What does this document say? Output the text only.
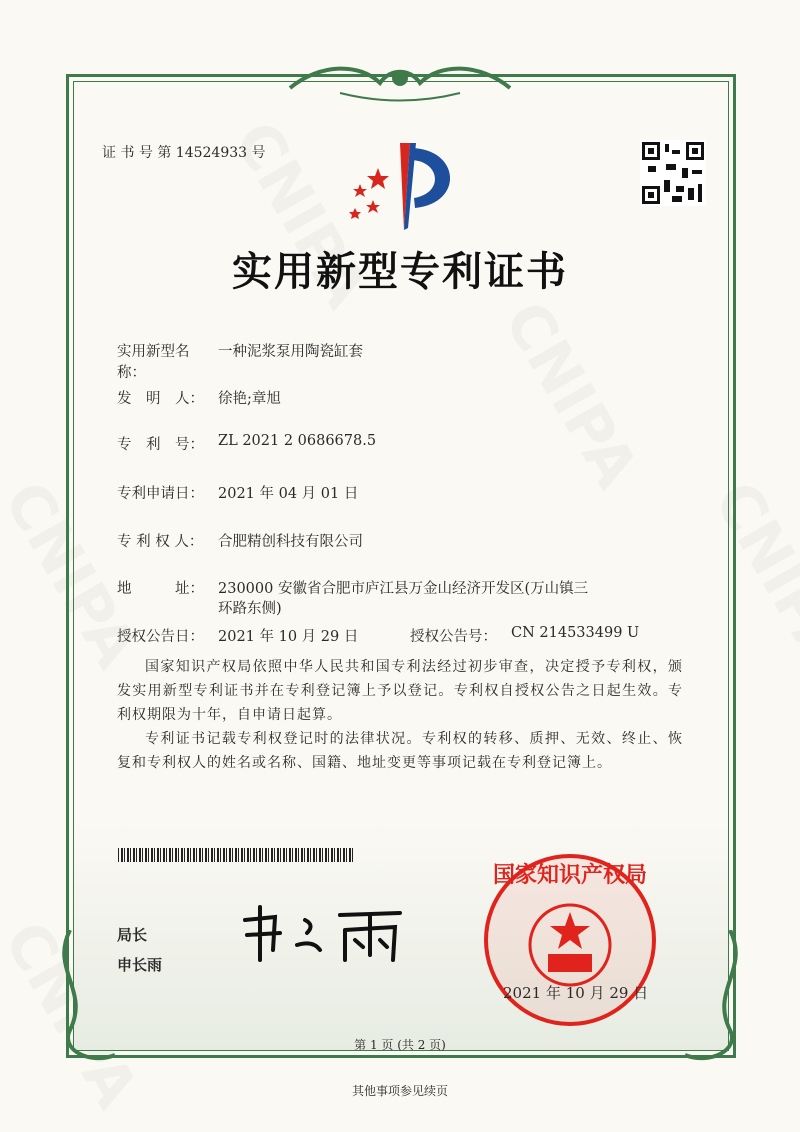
证 书 号 第 14524933 号
实用新型专利证书
实用新型名称：
一种泥浆泵用陶瓷缸套
发　明　人： 徐艳;章旭
专　利　号： ZL 2021 2 0686678.5
专利申请日： 2021 年 04 月 01 日
专 利 权 人： 合肥精创科技有限公司
地　　　址： 230000 安徽省合肥市庐江县万金山经济开发区(万山镇三
环路东侧)
授权公告日： 2021 年 10 月 29 日	授权公告号： CN 214533499 U

国家知识产权局依照中华人民共和国专利法经过初步审查，决定授予专利权，颁发实用新型专利证书并在专利登记簿上予以登记。专利权自授权公告之日起生效。专利权期限为十年，自申请日起算。

专利证书记载专利权登记时的法律状况。专利权的转移、质押、无效、终止、恢复和专利权人的姓名或名称、国籍、地址变更等事项记载在专利登记簿上。

局长
申长雨
国家知识产权局
2021 年 10 月 29 日
第 1 页 (共 2 页)
其他事项参见续页
